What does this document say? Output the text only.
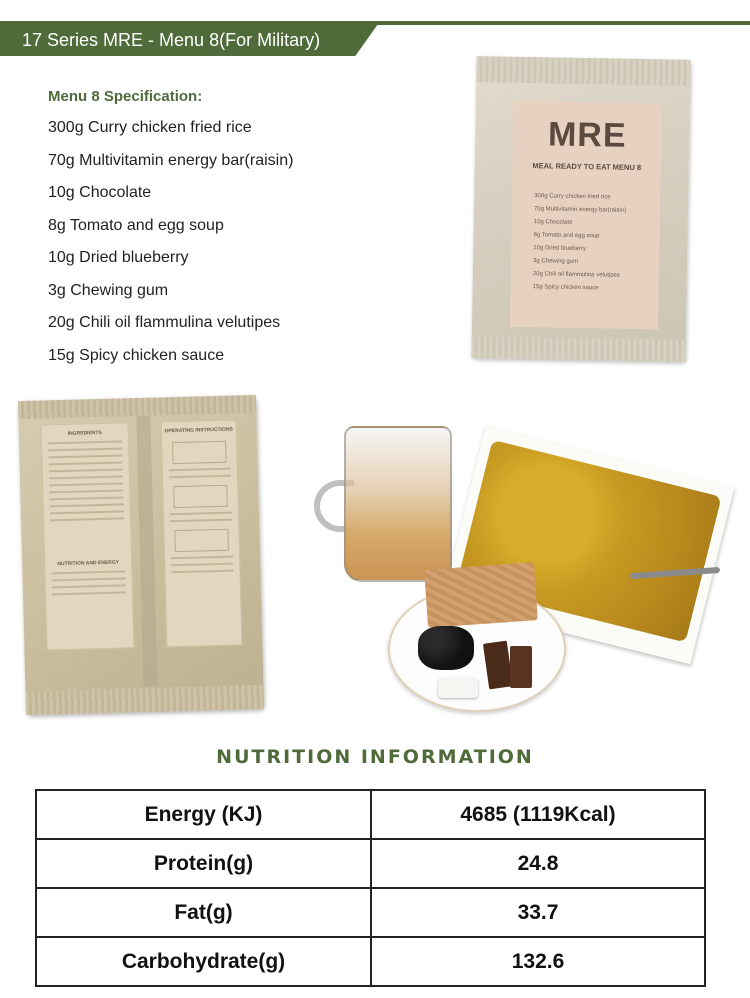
17 Series MRE - Menu 8(For Military)
Menu 8 Specification:
300g Curry chicken fried rice
70g Multivitamin energy bar(raisin)
10g Chocolate
8g Tomato and egg soup
10g Dried blueberry
3g Chewing gum
20g Chili oil flammulina velutipes
15g Spicy chicken sauce
MRE
MEAL READY TO EAT MENU 8
300g Curry chicken fried rice
70g Multivitamin energy bar(raisin)
10g Chocolate
8g Tomato and egg soup
10g Dried blueberry
3g Chewing gum
20g Chili oil flammulina velutipes
15g Spicy chicken sauce
INGREDIENTS
NUTRITION AND ENERGY
OPERATING INSTRUCTIONS
NUTRITION INFORMATION
Energy (KJ)	4685 (1119Kcal)
Protein(g)	24.8
Fat(g)	33.7
Carbohydrate(g)	132.6
